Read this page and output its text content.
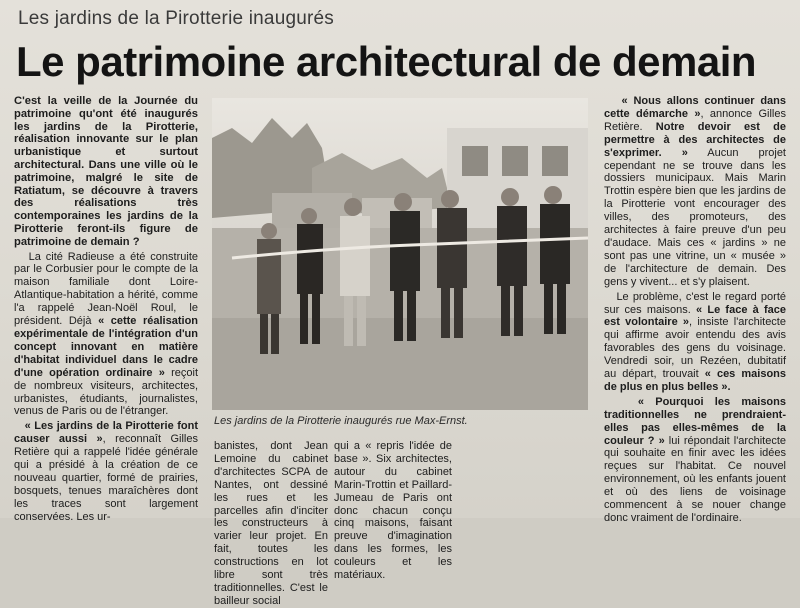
Les jardins de la Pirotterie inaugurés
Le patrimoine architectural de demain

C'est la veille de la Journée du patrimoine qu'ont été inaugurés les jardins de la Pirotterie, réalisation innovante sur le plan urbanistique et surtout architectural. Dans une ville où le patrimoine, malgré le site de Ratiatum, se découvre à travers des réalisations très contemporaines les jardins de la Pirotterie feront-ils figure de patrimoine de demain ?

La cité Radieuse a été construite par le Corbusier pour le compte de la maison familiale dont Loire-Atlantique-habitation a hérité, comme l'a rappelé Jean-Noël Roul, le président. Déjà « cette réalisation expérimentale de l'intégration d'un concept innovant en matière d'habitat individuel dans le cadre d'une opération ordinaire » reçoit de nombreux visiteurs, architectes, urbanistes, étudiants, journalistes, venus de Paris ou de l'étranger.

« Les jardins de la Pirotterie font causer aussi », reconnaît Gilles Retière qui a rappelé l'idée générale qui a présidé à la création de ce nouveau quartier, formé de prairies, bosquets, tenues maraîchères dont les traces sont largement conservées. Les ur-

Les jardins de la Pirotterie inaugurés rue Max-Ernst.
banistes, dont Jean Lemoine du cabinet d'architectes SCPA de Nantes, ont dessiné les rues et les parcelles afin d'inciter les constructeurs à varier leur projet. En fait, toutes les constructions en lot libre sont très traditionnelles. C'est le bailleur social
qui a « repris l'idée de base ». Six architectes, autour du cabinet Marin-Trottin et Paillard-Jumeau de Paris ont donc chacun conçu cinq maisons, faisant preuve d'imagination dans les formes, les couleurs et les matériaux.

« Nous allons continuer dans cette démarche », annonce Gilles Retière. Notre devoir est de permettre à des architectes de s'exprimer. » Aucun projet cependant ne se trouve dans les dossiers municipaux. Mais Marin Trottin espère bien que les jardins de la Pirotterie vont encourager des villes, des promoteurs, des architectes à faire preuve d'un peu d'audace. Mais ces « jardins » ne sont pas une vitrine, un « musée » de l'architecture de demain. Des gens y vivent... et s'y plaisent.

Le problème, c'est le regard porté sur ces maisons. « Le face à face est volontaire », insiste l'architecte qui affirme avoir entendu des avis favorables des gens du voisinage. Vendredi soir, un Rezéen, dubitatif au départ, trouvait « ces maisons de plus en plus belles ».

« Pourquoi les maisons traditionnelles ne prendraient-elles pas elles-mêmes de la couleur ? » lui répondait l'architecte qui souhaite en finir avec les idées reçues sur l'habitat. Ce nouvel environnement, où les enfants jouent et où des liens de voisinage commencent à se nouer change donc vraiment de l'ordinaire.
